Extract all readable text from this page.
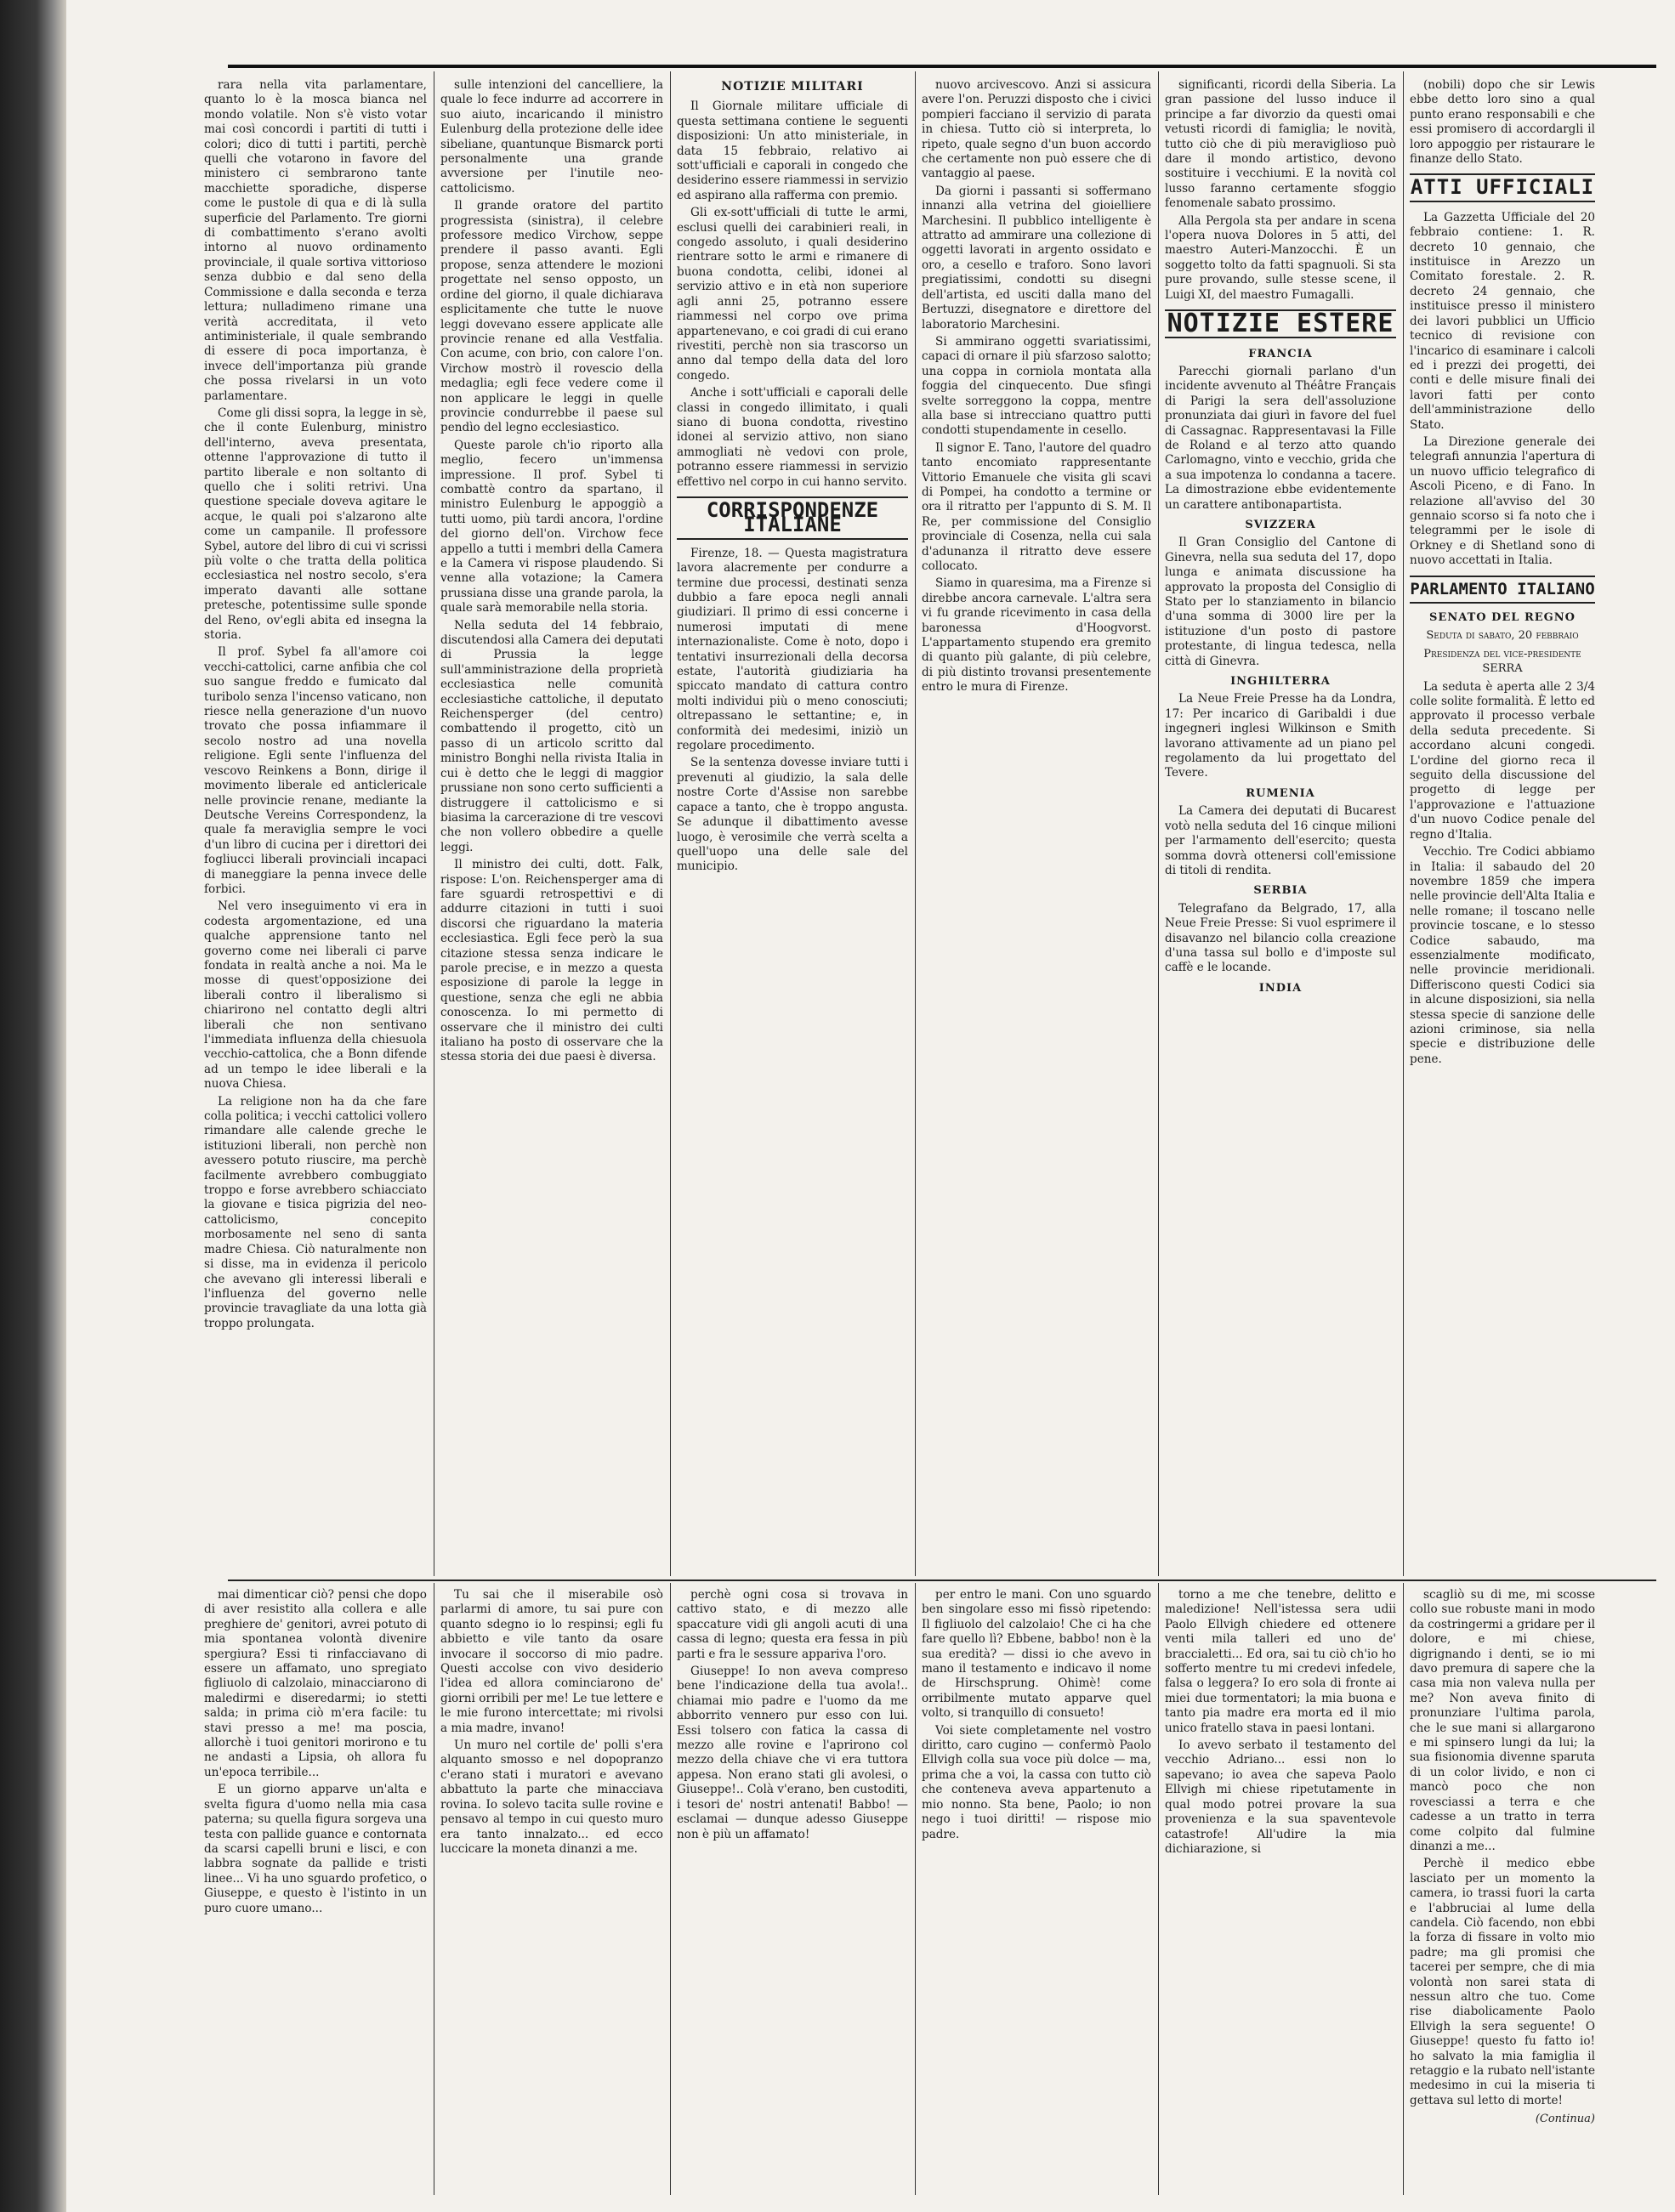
rara nella vita parlamentare, quanto lo è la mosca bianca nel mondo volatile. Non s'è visto votar mai così concordi i partiti di tutti i colori; dico di tutti i partiti, perchè quelli che votarono in favore del ministero ci sembrarono tante macchiette sporadiche, disperse come le pustole di qua e di là sulla superficie del Parlamento. Tre giorni di combattimento s'erano avolti intorno al nuovo ordinamento provinciale, il quale sortiva vittorioso senza dubbio e dal seno della Commissione e dalla seconda e terza lettura; nulladimeno rimane una verità accreditata, il veto antiministeriale, il quale sembrando di essere di poca importanza, è invece dell'importanza più grande che possa rivelarsi in un voto parlamentare.

Come gli dissi sopra, la legge in sè, che il conte Eulenburg, ministro dell'interno, aveva presentata, ottenne l'approvazione di tutto il partito liberale e non soltanto di quello che i soliti retrivi. Una questione speciale doveva agitare le acque, le quali poi s'alzarono alte come un campanile. Il professore Sybel, autore del libro di cui vi scrissi più volte o che tratta della politica ecclesiastica nel nostro secolo, s'era imperato davanti alle sottane pretesche, potentissime sulle sponde del Reno, ov'egli abita ed insegna la storia.

Il prof. Sybel fa all'amore coi vecchi-cattolici, carne anfibia che col suo sangue freddo e fumicato dal turibolo senza l'incenso vaticano, non riesce nella generazione d'un nuovo trovato che possa infiammare il secolo nostro ad una novella religione. Egli sente l'influenza del vescovo Reinkens a Bonn, dirige il movimento liberale ed anticlericale nelle provincie renane, mediante la Deutsche Vereins Correspondenz, la quale fa meraviglia sempre le voci d'un libro di cucina per i direttori dei fogliucci liberali provinciali incapaci di maneggiare la penna invece delle forbici.

Nel vero inseguimento vi era in codesta argomentazione, ed una qualche apprensione tanto nel governo come nei liberali ci parve fondata in realtà anche a noi. Ma le mosse di quest'opposizione dei liberali contro il liberalismo si chiarirono nel contatto degli altri liberali che non sentivano l'immediata influenza della chiesuola vecchio-cattolica, che a Bonn difende ad un tempo le idee liberali e la nuova Chiesa.

La religione non ha da che fare colla politica; i vecchi cattolici vollero rimandare alle calende greche le istituzioni liberali, non perchè non avessero potuto riuscire, ma perchè facilmente avrebbero combuggiato troppo e forse avrebbero schiacciato la giovane e tisica pigrizia del neo-cattolicismo, concepito morbosamente nel seno di santa madre Chiesa. Ciò naturalmente non si disse, ma in evidenza il pericolo che avevano gli interessi liberali e l'influenza del governo nelle provincie travagliate da una lotta già troppo prolungata.

sulle intenzioni del cancelliere, la quale lo fece indurre ad accorrere in suo aiuto, incaricando il ministro Eulenburg della protezione delle idee sibeliane, quantunque Bismarck porti personalmente una grande avversione per l'inutile neo-cattolicismo.

Il grande oratore del partito progressista (sinistra), il celebre professore medico Virchow, seppe prendere il passo avanti. Egli propose, senza attendere le mozioni progettate nel senso opposto, un ordine del giorno, il quale dichiarava esplicitamente che tutte le nuove leggi dovevano essere applicate alle provincie renane ed alla Vestfalia. Con acume, con brio, con calore l'on. Virchow mostrò il rovescio della medaglia; egli fece vedere come il non applicare le leggi in quelle provincie condurrebbe il paese sul pendìo del legno ecclesiastico.

Queste parole ch'io riporto alla meglio, fecero un'immensa impressione. Il prof. Sybel ti combattè contro da spartano, il ministro Eulenburg le appoggiò a tutti uomo, più tardi ancora, l'ordine del giorno dell'on. Virchow fece appello a tutti i membri della Camera e la Camera vi rispose plaudendo. Si venne alla votazione; la Camera prussiana disse una grande parola, la quale sarà memorabile nella storia.

Nella seduta del 14 febbraio, discutendosi alla Camera dei deputati di Prussia la legge sull'amministrazione della proprietà ecclesiastica nelle comunità ecclesiastiche cattoliche, il deputato Reichensperger (del centro) combattendo il progetto, citò un passo di un articolo scritto dal ministro Bonghi nella rivista Italia in cui è detto che le leggi di maggior prussiane non sono certo sufficienti a distruggere il cattolicismo e si biasima la carcerazione di tre vescovi che non vollero obbedire a quelle leggi.

Il ministro dei culti, dott. Falk, rispose: L'on. Reichensperger ama di fare sguardi retrospettivi e di addurre citazioni in tutti i suoi discorsi che riguardano la materia ecclesiastica. Egli fece però la sua citazione stessa senza indicare le parole precise, e in mezzo a questa esposizione di parole la legge in questione, senza che egli ne abbia conoscenza. Io mi permetto di osservare che il ministro dei culti italiano ha posto di osservare che la stessa storia dei due paesi è diversa.

NOTIZIE MILITARI

Il Giornale militare ufficiale di questa settimana contiene le seguenti disposizioni: Un atto ministeriale, in data 15 febbraio, relativo ai sott'ufficiali e caporali in congedo che desiderino essere riammessi in servizio ed aspirano alla rafferma con premio.

Gli ex-sott'ufficiali di tutte le armi, esclusi quelli dei carabinieri reali, in congedo assoluto, i quali desiderino rientrare sotto le armi e rimanere di buona condotta, celibi, idonei al servizio attivo e in età non superiore agli anni 25, potranno essere riammessi nel corpo ove prima appartenevano, e coi gradi di cui erano rivestiti, perchè non sia trascorso un anno dal tempo della data del loro congedo.

Anche i sott'ufficiali e caporali delle classi in congedo illimitato, i quali siano di buona condotta, rivestino idonei al servizio attivo, non siano ammogliati nè vedovi con prole, potranno essere riammessi in servizio effettivo nel corpo in cui hanno servito.

CORRISPONDENZE ITALIANE

Firenze, 18. — Questa magistratura lavora alacremente per condurre a termine due processi, destinati senza dubbio a fare epoca negli annali giudiziari. Il primo di essi concerne i numerosi imputati di mene internazionaliste. Come è noto, dopo i tentativi insurrezionali della decorsa estate, l'autorità giudiziaria ha spiccato mandato di cattura contro molti individui più o meno conosciuti; oltrepassano le settantine; e, in conformità dei medesimi, iniziò un regolare procedimento.

Se la sentenza dovesse inviare tutti i prevenuti al giudizio, la sala delle nostre Corte d'Assise non sarebbe capace a tanto, che è troppo angusta. Se adunque il dibattimento avesse luogo, è verosimile che verrà scelta a quell'uopo una delle sale del municipio.

nuovo arcivescovo. Anzi si assicura avere l'on. Peruzzi disposto che i civici pompieri facciano il servizio di parata in chiesa. Tutto ciò si interpreta, lo ripeto, quale segno d'un buon accordo che certamente non può essere che di vantaggio al paese.

Da giorni i passanti si soffermano innanzi alla vetrina del gioielliere Marchesini. Il pubblico intelligente è attratto ad ammirare una collezione di oggetti lavorati in argento ossidato e oro, a cesello e traforo. Sono lavori pregiatissimi, condotti su disegni dell'artista, ed usciti dalla mano del Bertuzzi, disegnatore e direttore del laboratorio Marchesini.

Si ammirano oggetti svariatissimi, capaci di ornare il più sfarzoso salotto; una coppa in corniola montata alla foggia del cinquecento. Due sfingi svelte sorreggono la coppa, mentre alla base si intrecciano quattro putti condotti stupendamente in cesello.

Il signor E. Tano, l'autore del quadro tanto encomiato rappresentante Vittorio Emanuele che visita gli scavi di Pompei, ha condotto a termine or ora il ritratto per l'appunto di S. M. Il Re, per commissione del Consiglio provinciale di Cosenza, nella cui sala d'adunanza il ritratto deve essere collocato.

Siamo in quaresima, ma a Firenze si direbbe ancora carnevale. L'altra sera vi fu grande ricevimento in casa della baronessa d'Hoogvorst. L'appartamento stupendo era gremito di quanto più galante, di più celebre, di più distinto trovansi presentemente entro le mura di Firenze.

significanti, ricordi della Siberia. La gran passione del lusso induce il principe a far divorzio da questi omai vetusti ricordi di famiglia; le novità, tutto ciò che di più meraviglioso può dare il mondo artistico, devono sostituire i vecchiumi. E la novità col lusso faranno certamente sfoggio fenomenale sabato prossimo.

Alla Pergola sta per andare in scena l'opera nuova Dolores in 5 atti, del maestro Auteri-Manzocchi. È un soggetto tolto da fatti spagnuoli. Si sta pure provando, sulle stesse scene, il Luigi XI, del maestro Fumagalli.

NOTIZIE ESTERE
FRANCIA

Parecchi giornali parlano d'un incidente avvenuto al Théâtre Français di Parigi la sera dell'assoluzione pronunziata dai giurì in favore del fuel di Cassagnac. Rappresentavasi la Fille de Roland e al terzo atto quando Carlomagno, vinto e vecchio, grida che a sua impotenza lo condanna a tacere. La dimostrazione ebbe evidentemente un carattere antibonapartista.

SVIZZERA

Il Gran Consiglio del Cantone di Ginevra, nella sua seduta del 17, dopo lunga e animata discussione ha approvato la proposta del Consiglio di Stato per lo stanziamento in bilancio d'una somma di 3000 lire per la istituzione d'un posto di pastore protestante, di lingua tedesca, nella città di Ginevra.

INGHILTERRA

La Neue Freie Presse ha da Londra, 17: Per incarico di Garibaldi i due ingegneri inglesi Wilkinson e Smith lavorano attivamente ad un piano pel regolamento da lui progettato del Tevere.

RUMENIA

La Camera dei deputati di Bucarest votò nella seduta del 16 cinque milioni per l'armamento dell'esercito; questa somma dovrà ottenersi coll'emissione di titoli di rendita.

SERBIA

Telegrafano da Belgrado, 17, alla Neue Freie Presse: Si vuol esprimere il disavanzo nel bilancio colla creazione d'una tassa sul bollo e d'imposte sul caffè e le locande.

INDIA

(nobili) dopo che sir Lewis ebbe detto loro sino a qual punto erano responsabili e che essi promisero di accordargli il loro appoggio per ristaurare le finanze dello Stato.

ATTI UFFICIALI

La Gazzetta Ufficiale del 20 febbraio contiene: 1. R. decreto 10 gennaio, che instituisce in Arezzo un Comitato forestale. 2. R. decreto 24 gennaio, che instituisce presso il ministero dei lavori pubblici un Ufficio tecnico di revisione con l'incarico di esaminare i calcoli ed i prezzi dei progetti, dei conti e delle misure finali dei lavori fatti per conto dell'amministrazione dello Stato.

La Direzione generale dei telegrafi annunzia l'apertura di un nuovo ufficio telegrafico di Ascoli Piceno, e di Fano. In relazione all'avviso del 30 gennaio scorso si fa noto che i telegrammi per le isole di Orkney e di Shetland sono di nuovo accettati in Italia.

PARLAMENTO ITALIANO
SENATO DEL REGNO
Seduta di sabato, 20 febbraio
Presidenza del vice-presidente SERRA

La seduta è aperta alle 2 3/4 colle solite formalità. È letto ed approvato il processo verbale della seduta precedente. Si accordano alcuni congedi. L'ordine del giorno reca il seguito della discussione del progetto di legge per l'approvazione e l'attuazione d'un nuovo Codice penale del regno d'Italia.

Vecchio. Tre Codici abbiamo in Italia: il sabaudo del 20 novembre 1859 che impera nelle provincie dell'Alta Italia e nelle romane; il toscano nelle provincie toscane, e lo stesso Codice sabaudo, ma essenzialmente modificato, nelle provincie meridionali. Differiscono questi Codici sia in alcune disposizioni, sia nella stessa specie di sanzione delle azioni criminose, sia nella specie e distribuzione delle pene.

mai dimenticar ciò? pensi che dopo di aver resistito alla collera e alle preghiere de' genitori, avrei potuto di mia spontanea volontà divenire spergiura? Essi ti rinfacciavano di essere un affamato, uno spregiato figliuolo di calzolaio, minacciarono di maledirmi e diseredarmi; io stetti salda; in prima ciò m'era facile: tu stavi presso a me! ma poscia, allorchè i tuoi genitori morirono e tu ne andasti a Lipsia, oh allora fu un'epoca terribile...

E un giorno apparve un'alta e svelta figura d'uomo nella mia casa paterna; su quella figura sorgeva una testa con pallide guance e contornata da scarsi capelli bruni e lisci, e con labbra sognate da pallide e tristi linee... Vi ha uno sguardo profetico, o Giuseppe, e questo è l'istinto in un puro cuore umano...

Tu sai che il miserabile osò parlarmi di amore, tu sai pure con quanto sdegno io lo respinsi; egli fu abbietto e vile tanto da osare invocare il soccorso di mio padre. Questi accolse con vivo desiderio l'idea ed allora cominciarono de' giorni orribili per me! Le tue lettere e le mie furono intercettate; mi rivolsi a mia madre, invano!

Un muro nel cortile de' polli s'era alquanto smosso e nel dopopranzo c'erano stati i muratori e avevano abbattuto la parte che minacciava rovina. Io solevo tacita sulle rovine e pensavo al tempo in cui questo muro era tanto innalzato... ed ecco luccicare la moneta dinanzi a me.

perchè ogni cosa si trovava in cattivo stato, e di mezzo alle spaccature vidi gli angoli acuti di una cassa di legno; questa era fessa in più parti e fra le sessure appariva l'oro.

Giuseppe! Io non aveva compreso bene l'indicazione della tua avola!.. chiamai mio padre e l'uomo da me abborrito vennero pur esso con lui. Essi tolsero con fatica la cassa di mezzo alle rovine e l'aprirono col mezzo della chiave che vi era tuttora appesa. Non erano stati gli avolesi, o Giuseppe!.. Colà v'erano, ben custoditi, i tesori de' nostri antenati! Babbo! — esclamai — dunque adesso Giuseppe non è più un affamato!

per entro le mani. Con uno sguardo ben singolare esso mi fissò ripetendo: Il figliuolo del calzolaio! Che ci ha che fare quello lì? Ebbene, babbo! non è la sua eredità? — dissi io che avevo in mano il testamento e indicavo il nome de Hirschsprung. Ohimè! come orribilmente mutato apparve quel volto, si tranquillo di consueto!

Voi siete completamente nel vostro diritto, caro cugino — confermò Paolo Ellvigh colla sua voce più dolce — ma, prima che a voi, la cassa con tutto ciò che conteneva aveva appartenuto a mio nonno. Sta bene, Paolo; io non nego i tuoi diritti! — rispose mio padre.

torno a me che tenebre, delitto e maledizione! Nell'istessa sera udii Paolo Ellvigh chiedere ed ottenere venti mila talleri ed uno de' braccialetti... Ed ora, sai tu ciò ch'io ho sofferto mentre tu mi credevi infedele, falsa o leggera? Io ero sola di fronte ai miei due tormentatori; la mia buona e tanto pia madre era morta ed il mio unico fratello stava in paesi lontani.

Io avevo serbato il testamento del vecchio Adriano... essi non lo sapevano; io avea che sapeva Paolo Ellvigh mi chiese ripetutamente in qual modo potrei provare la sua provenienza e la sua spaventevole catastrofe! All'udire la mia dichiarazione, si

scagliò su di me, mi scosse collo sue robuste mani in modo da costringermi a gridare per il dolore, e mi chiese, digrignando i denti, se io mi davo premura di sapere che la casa mia non valeva nulla per me? Non aveva finito di pronunziare l'ultima parola, che le sue mani si allargarono e mi spinsero lungi da lui; la sua fisionomia divenne sparuta di un color livido, e non ci mancò poco che non rovesciassi a terra e che cadesse a un tratto in terra come colpito dal fulmine dinanzi a me...

Perchè il medico ebbe lasciato per un momento la camera, io trassi fuori la carta e l'abbruciai al lume della candela. Ciò facendo, non ebbi la forza di fissare in volto mio padre; ma gli promisi che tacerei per sempre, che di mia volontà non sarei stata di nessun altro che tuo. Come rise diabolicamente Paolo Ellvigh la sera seguente! O Giuseppe! questo fu fatto io! ho salvato la mia famiglia il retaggio e la rubato nell'istante medesimo in cui la miseria ti gettava sul letto di morte!

(Continua)
